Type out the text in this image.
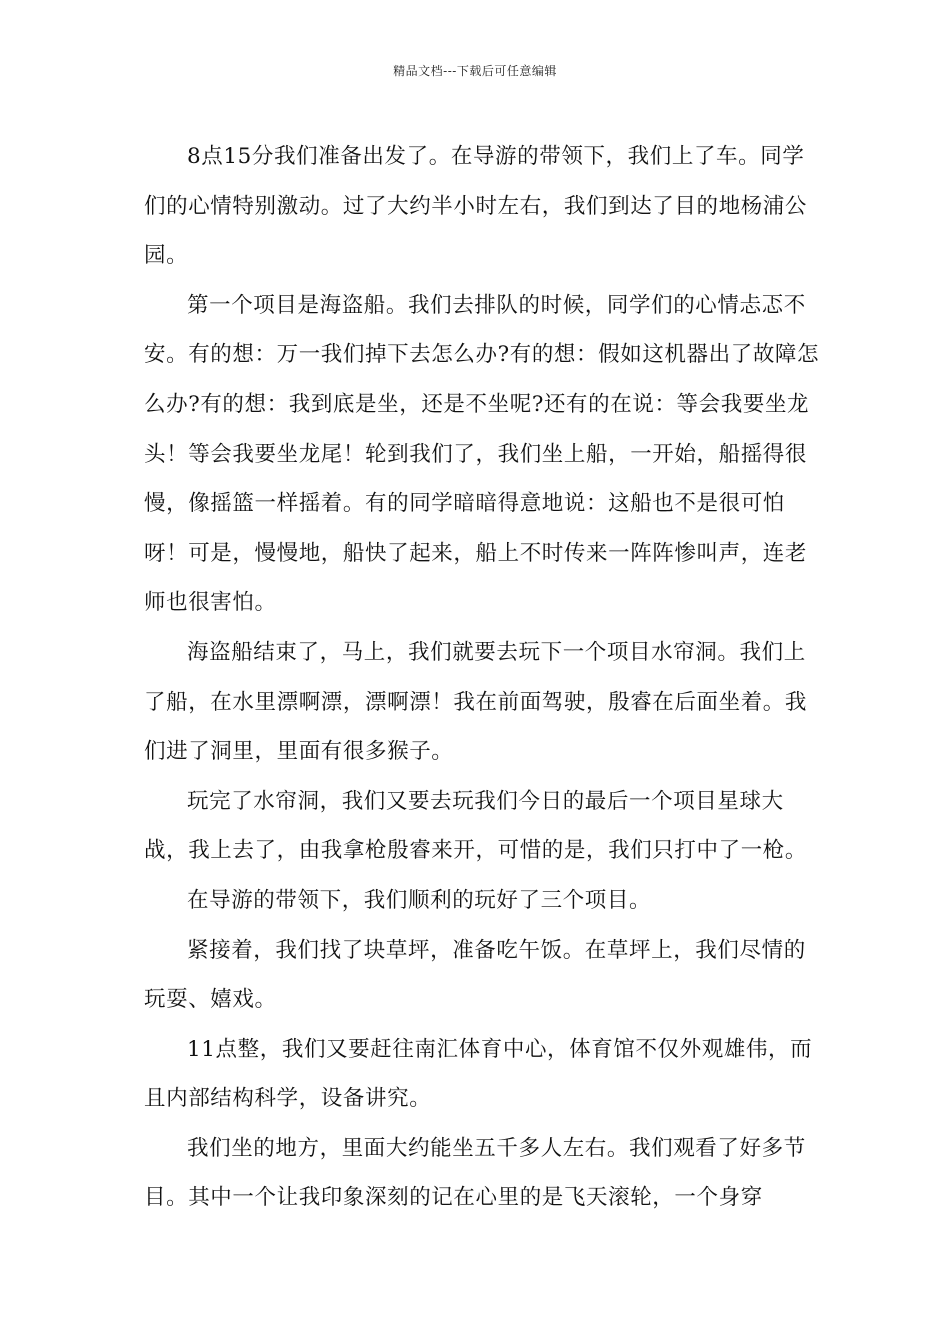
精品文档---下载后可任意编辑

8点15分我们准备出发了。在导游的带领下，我们上了车。同学们的心情特别激动。过了大约半小时左右，我们到达了目的地杨浦公园。

第一个项目是海盗船。我们去排队的时候，同学们的心情忐忑不安。有的想：万一我们掉下去怎么办?有的想：假如这机器出了故障怎么办?有的想：我到底是坐，还是不坐呢?还有的在说：等会我要坐龙头！等会我要坐龙尾！轮到我们了，我们坐上船，一开始，船摇得很慢，像摇篮一样摇着。有的同学暗暗得意地说：这船也不是很可怕呀！可是，慢慢地，船快了起来，船上不时传来一阵阵惨叫声，连老师也很害怕。

海盗船结束了，马上，我们就要去玩下一个项目水帘洞。我们上了船，在水里漂啊漂，漂啊漂！我在前面驾驶，殷睿在后面坐着。我们进了洞里，里面有很多猴子。

玩完了水帘洞，我们又要去玩我们今日的最后一个项目星球大战，我上去了，由我拿枪殷睿来开，可惜的是，我们只打中了一枪。

在导游的带领下，我们顺利的玩好了三个项目。

紧接着，我们找了块草坪，准备吃午饭。在草坪上，我们尽情的玩耍、嬉戏。

11点整，我们又要赶往南汇体育中心，体育馆不仅外观雄伟，而且内部结构科学，设备讲究。

我们坐的地方，里面大约能坐五千多人左右。我们观看了好多节目。其中一个让我印象深刻的记在心里的是飞天滚轮，一个身穿
